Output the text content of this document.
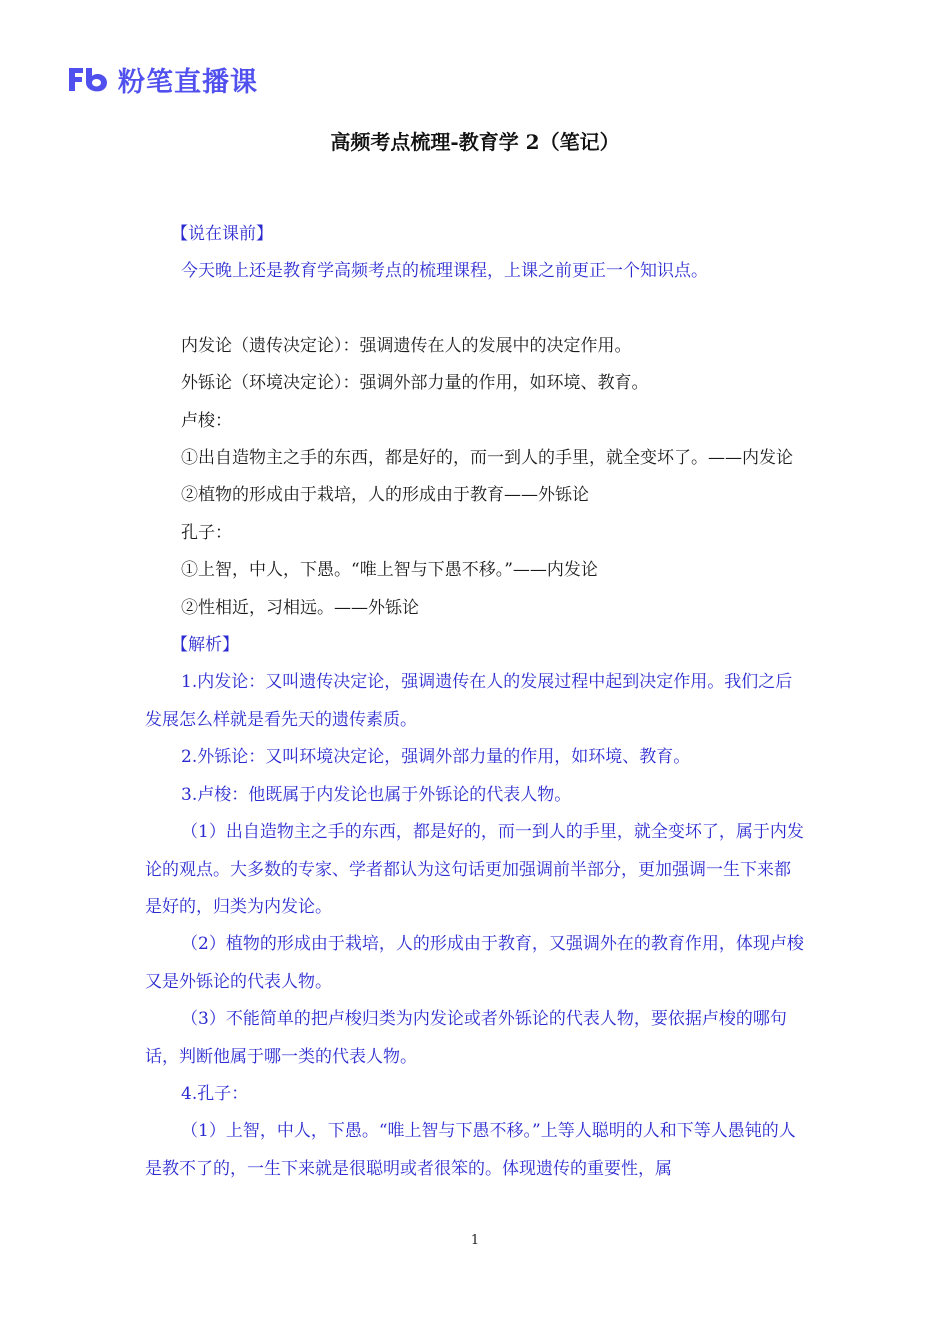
粉笔直播课
高频考点梳理-教育学 2（笔记）

【说在课前】

今天晚上还是教育学高频考点的梳理课程，上课之前更正一个知识点。

内发论（遗传决定论）：强调遗传在人的发展中的决定作用。

外铄论（环境决定论）：强调外部力量的作用，如环境、教育。

卢梭：

①出自造物主之手的东西，都是好的，而一到人的手里，就全变坏了。——内发论

②植物的形成由于栽培，人的形成由于教育——外铄论

孔子：

①上智，中人，下愚。“唯上智与下愚不移。”——内发论

②性相近，习相远。——外铄论

【解析】

1.内发论：又叫遗传决定论，强调遗传在人的发展过程中起到决定作用。我们之后发展怎么样就是看先天的遗传素质。

2.外铄论：又叫环境决定论，强调外部力量的作用，如环境、教育。

3.卢梭：他既属于内发论也属于外铄论的代表人物。

（1）出自造物主之手的东西，都是好的，而一到人的手里，就全变坏了，属于内发论的观点。大多数的专家、学者都认为这句话更加强调前半部分，更加强调一生下来都是好的，归类为内发论。

（2）植物的形成由于栽培，人的形成由于教育，又强调外在的教育作用，体现卢梭又是外铄论的代表人物。

（3）不能简单的把卢梭归类为内发论或者外铄论的代表人物，要依据卢梭的哪句话，判断他属于哪一类的代表人物。

4.孔子：

（1）上智，中人，下愚。“唯上智与下愚不移。”上等人聪明的人和下等人愚钝的人是教不了的，一生下来就是很聪明或者很笨的。体现遗传的重要性，属

1
